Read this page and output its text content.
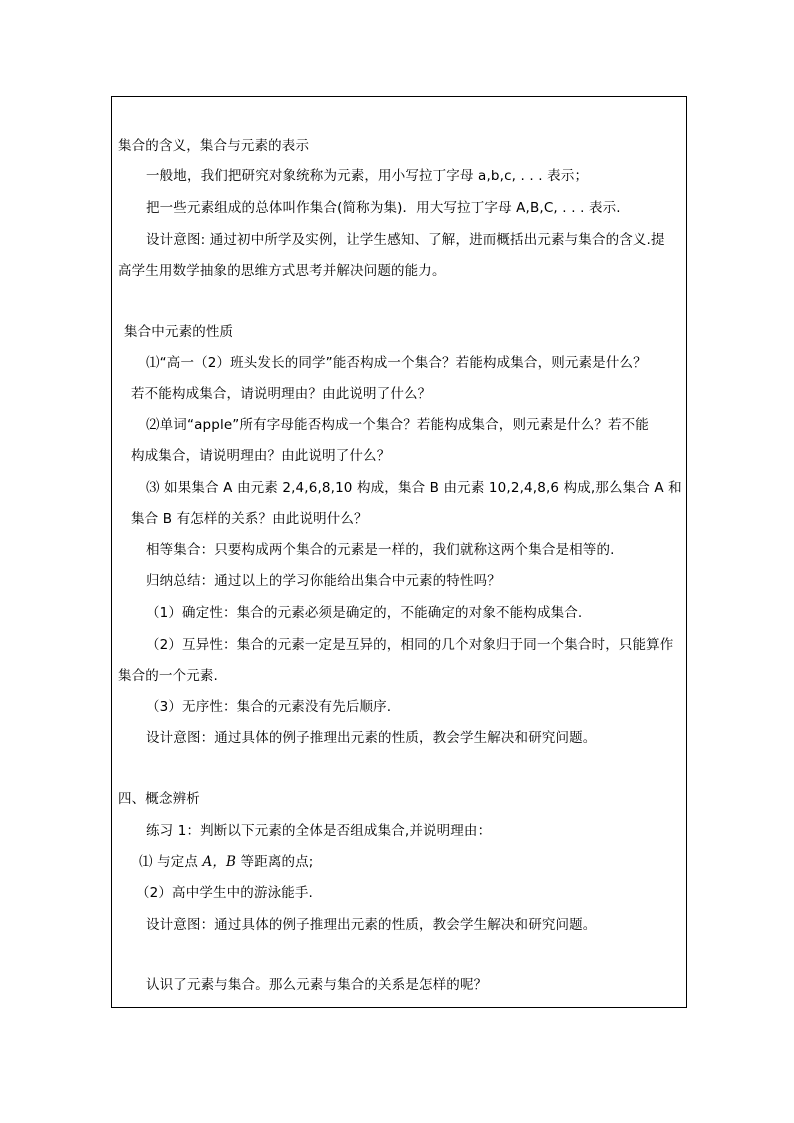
集合的含义，集合与元素的表示
一般地，我们把研究对象统称为元素，用小写拉丁字母 a,b,c, . . . 表示；
把一些元素组成的总体叫作集合(简称为集)．用大写拉丁字母 A,B,C, . . . 表示.
设计意图: 通过初中所学及实例，让学生感知、了解，进而概括出元素与集合的含义.提
高学生用数学抽象的思维方式思考并解决问题的能力。
集合中元素的性质
⑴“高一（2）班头发长的同学”能否构成一个集合？若能构成集合，则元素是什么？
若不能构成集合，请说明理由？由此说明了什么？
⑵单词“apple”所有字母能否构成一个集合？若能构成集合，则元素是什么？若不能
构成集合，请说明理由？由此说明了什么？
⑶ 如果集合 A 由元素 2,4,6,8,10 构成，集合 B 由元素 10,2,4,8,6 构成,那么集合 A 和
集合 B 有怎样的关系？由此说明什么？
相等集合：只要构成两个集合的元素是一样的，我们就称这两个集合是相等的.
归纳总结：通过以上的学习你能给出集合中元素的特性吗？
（1）确定性：集合的元素必须是确定的，不能确定的对象不能构成集合.
（2）互异性：集合的元素一定是互异的，相同的几个对象归于同一个集合时，只能算作
集合的一个元素.
（3）无序性：集合的元素没有先后顺序.
设计意图：通过具体的例子推理出元素的性质，教会学生解决和研究问题。
四、概念辨析
练习 1：判断以下元素的全体是否组成集合,并说明理由：
⑴ 与定点 A，B 等距离的点;
（2）高中学生中的游泳能手.
设计意图：通过具体的例子推理出元素的性质，教会学生解决和研究问题。
认识了元素与集合。那么元素与集合的关系是怎样的呢？
